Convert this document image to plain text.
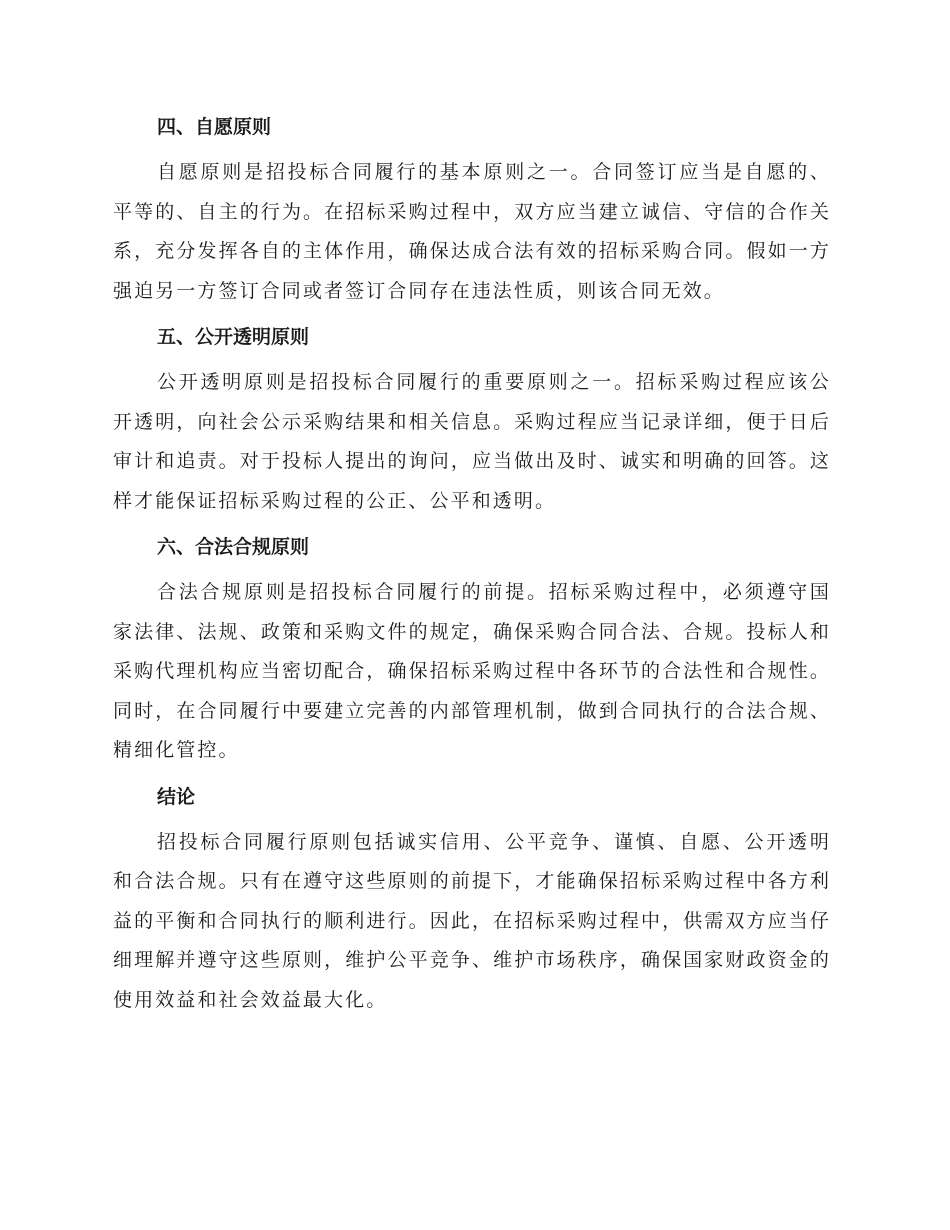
四、自愿原则

自愿原则是招投标合同履行的基本原则之一。合同签订应当是自愿的、平等的、自主的行为。在招标采购过程中，双方应当建立诚信、守信的合作关系，充分发挥各自的主体作用，确保达成合法有效的招标采购合同。假如一方强迫另一方签订合同或者签订合同存在违法性质，则该合同无效。

五、公开透明原则

公开透明原则是招投标合同履行的重要原则之一。招标采购过程应该公开透明，向社会公示采购结果和相关信息。采购过程应当记录详细，便于日后审计和追责。对于投标人提出的询问，应当做出及时、诚实和明确的回答。这样才能保证招标采购过程的公正、公平和透明。

六、合法合规原则

合法合规原则是招投标合同履行的前提。招标采购过程中，必须遵守国家法律、法规、政策和采购文件的规定，确保采购合同合法、合规。投标人和采购代理机构应当密切配合，确保招标采购过程中各环节的合法性和合规性。同时，在合同履行中要建立完善的内部管理机制，做到合同执行的合法合规、精细化管控。

结论

招投标合同履行原则包括诚实信用、公平竞争、谨慎、自愿、公开透明和合法合规。只有在遵守这些原则的前提下，才能确保招标采购过程中各方利益的平衡和合同执行的顺利进行。因此，在招标采购过程中，供需双方应当仔细理解并遵守这些原则，维护公平竞争、维护市场秩序，确保国家财政资金的使用效益和社会效益最大化。
